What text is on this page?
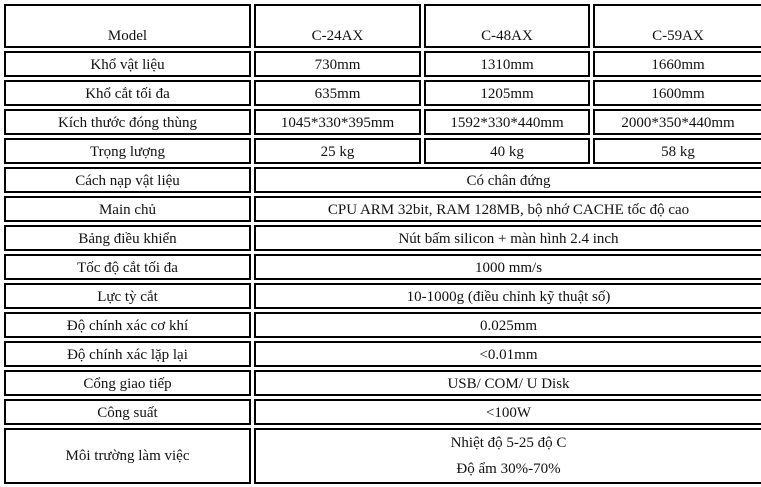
Model	C-24AX	C-48AX	C-59AX
Khổ vật liệu	730mm	1310mm	1660mm
Khổ cắt tối đa	635mm	1205mm	1600mm
Kích thước đóng thùng	1045*330*395mm	1592*330*440mm	2000*350*440mm
Trọng lượng	25 kg	40 kg	58 kg
Cách nạp vật liệu	Có chân đứng		
Main chủ	CPU ARM 32bit, RAM 128MB, bộ nhớ CACHE tốc độ cao		
Bảng điều khiển	Nút bấm silicon + màn hình 2.4 inch		
Tốc độ cắt tối đa	1000 mm/s		
Lực tỳ cắt	10-1000g (điều chỉnh kỹ thuật số)		
Độ chính xác cơ khí	0.025mm		
Độ chính xác lặp lại	<0.01mm		
Cổng giao tiếp	USB/ COM/ U Disk		
Công suất	<100W		
Môi trường làm việc	Nhiệt độ 5-25 độ C
Độ ẩm 30%-70%		
